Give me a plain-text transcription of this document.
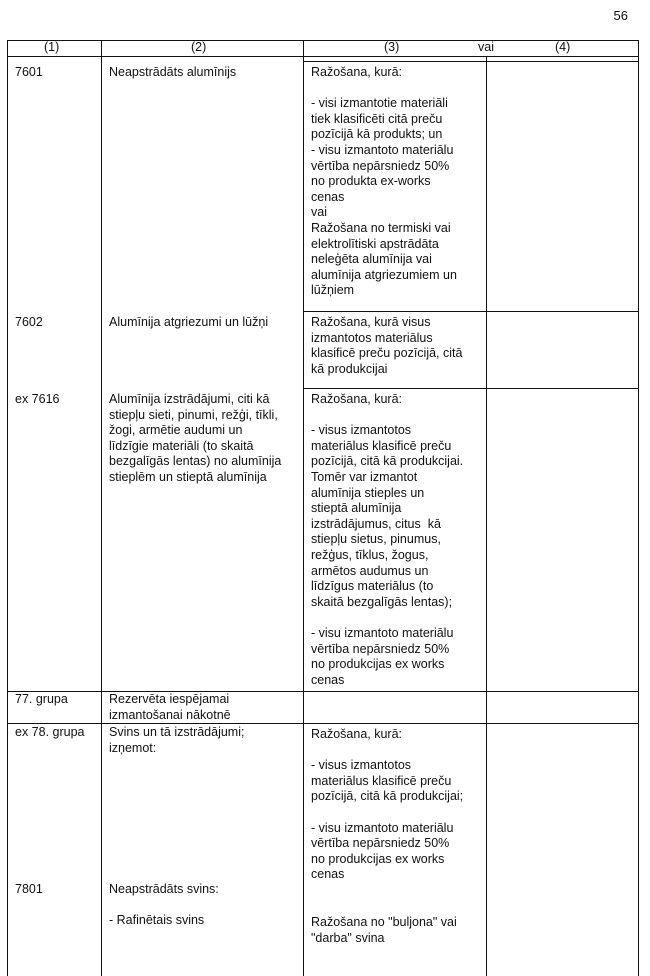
56
(1)	(2)	(3)	vai	(4)
7601	Neapstrādāts alumīnijs	Ražošana, kurā:

- visi izmantotie materiāli
tiek klasificēti citā preču
pozīcijā kā produkts; un
- visu izmantoto materiālu
vērtība nepārsniedz 50%
no produkta ex-works
cenas
vai
Ražošana no termiski vai
elektrolītiski apstrādāta
neleģēta alumīnija vai
alumīnija atgriezumiem un
lūžņiem
7602	Alumīnija atgriezumi un lūžņi	Ražošana, kurā visus
izmantotos materiālus
klasificē preču pozīcijā, citā
kā produkcijai
ex 7616	Alumīnija izstrādājumi, citi kā
stiepļu sieti, pinumi, režģi, tīkli,
žogi, armētie audumi un
līdzīgie materiāli (to skaitā
bezgalīgās lentas) no alumīnija
stieplēm un stieptā alumīnija
Ražošana, kurā:

- visus izmantotos
materiālus klasificē preču
pozīcijā, citā kā produkcijai.
Tomēr var izmantot
alumīnija stieples un
stieptā alumīnija
izstrādājumus, citus  kā
stiepļu sietus, pinumus,
režģus, tīklus, žogus,
armētos audumus un
līdzīgus materiālus (to
skaitā bezgalīgās lentas);

- visu izmantoto materiālu
vērtība nepārsniedz 50%
no produkcijas ex works
cenas
77. grupa	Rezervēta iespējamai
izmantošanai nākotnē
ex 78. grupa Svins un tā izstrādājumi;
izņemot:
Ražošana, kurā:

- visus izmantotos
materiālus klasificē preču
pozīcijā, citā kā produkcijai;

- visu izmantoto materiālu
vērtība nepārsniedz 50%
no produkcijas ex works
cenas
7801	Neapstrādāts svins:

- Rafinētais svins	Ražošana no "buljona" vai
"darba" svina
